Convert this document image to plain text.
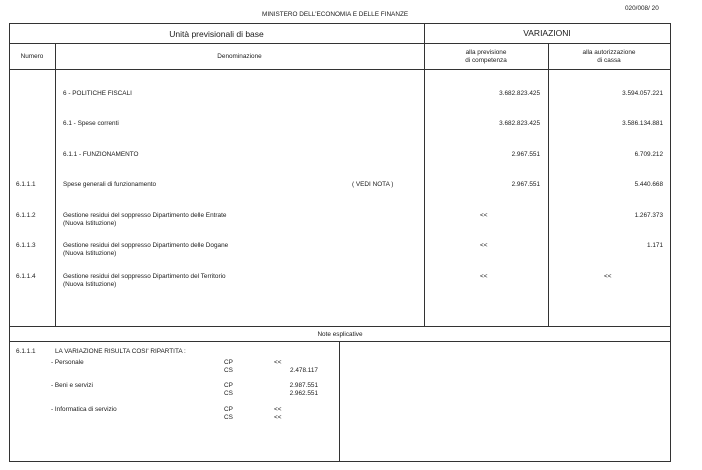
MINISTERO DELL'ECONOMIA E DELLE FINANZE
020/008/ 20
Unità previsionali di base	VARIAZIONI
Numero	Denominazione
alla previsione
di competenza
alla autorizzazione
di cassa
6 - POLITICHE FISCALI	3.682.823.425	3.594.057.221
6.1 - Spese correnti	3.682.823.425	3.586.134.881
6.1.1 - FUNZIONAMENTO	2.967.551	6.709.212
6.1.1.1	Spese generali di funzionamento	( VEDI NOTA )	2.967.551	5.440.668
6.1.1.2	Gestione residui del soppresso Dipartimento delle Entrate
(Nuova Istituzione)
<<	1.267.373
6.1.1.3	Gestione residui del soppresso Dipartimento delle Dogane
(Nuova Istituzione)
<<	1.171
6.1.1.4	Gestione residui del soppresso Dipartimento del Territorio
(Nuova Istituzione)
<<	<<
Note esplicative
6.1.1.1	LA VARIAZIONE RISULTA COSI' RIPARTITA :
- Personale	CP	<<
CS	2.478.117
- Beni e servizi	CP	2.987.551
CS	2.962.551
- Informatica di servizio	CP	<<
CS	<<
